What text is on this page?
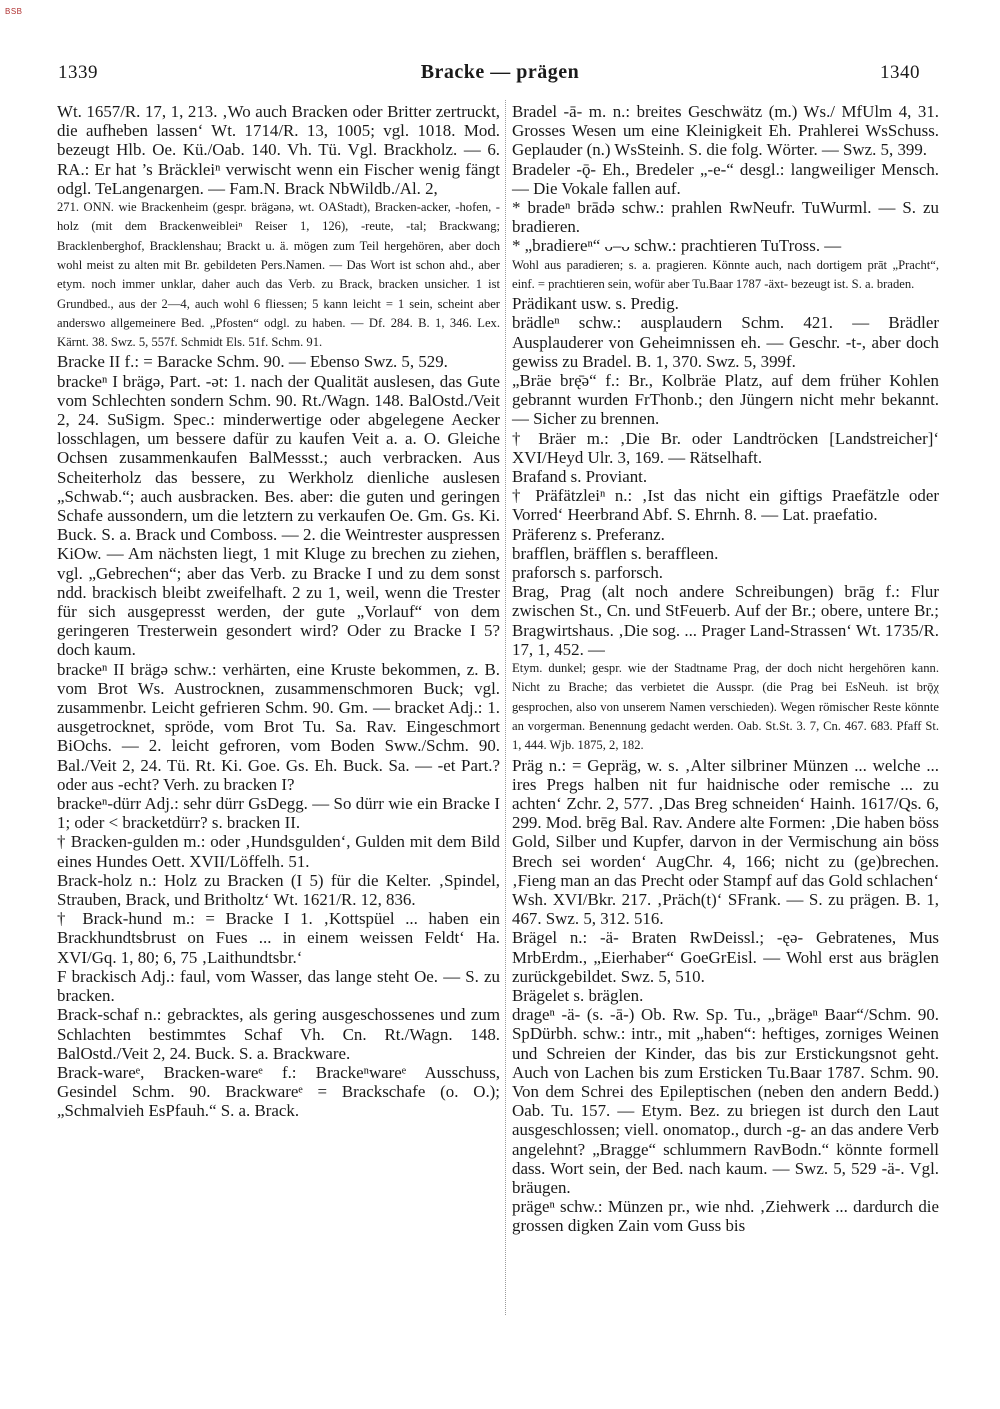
BSB
1339	Bracke — prägen	1340

Wt. 1657/R. 17, 1, 213. ‚Wo auch Bracken oder Britter zertruckt, die aufheben lassen‘ Wt. 1714/R. 13, 1005; vgl. 1018. Mod. bezeugt Hlb. Oe. Kü./Oab. 140. Vh. Tü. Vgl. Brackholz. — 6. RA.: Er hat ’s Bräckleiⁿ verwischt wenn ein Fischer wenig fängt odgl. TeLangenargen. — Fam.N. Brack NbWildb./Al. 2,

271. ONN. wie Brackenheim (gespr. brägənə, wt. OAStadt), Bracken-acker, -hofen, -holz (mit dem Brackenweibleiⁿ Reiser 1, 126), -reute, -tal; Brackwang; Bracklenberghof, Bracklenshau; Brackt u. ä. mögen zum Teil hergehören, aber doch wohl meist zu alten mit Br. gebildeten Pers.Namen. — Das Wort ist schon ahd., aber etym. noch immer unklar, daher auch das Verb. zu Brack, bracken unsicher. 1 ist Grundbed., aus der 2—4, auch wohl 6 fliessen; 5 kann leicht = 1 sein, scheint aber anderswo allgemeinere Bed. „Pfosten“ odgl. zu haben. — Df. 284. B. 1, 346. Lex. Kärnt. 38. Swz. 5, 557f. Schmidt Els. 51f. Schm. 91.

Bracke II f.: = Baracke Schm. 90. — Ebenso Swz. 5, 529.

brackeⁿ I brägə, Part. -ət: 1. nach der Qualität auslesen, das Gute vom Schlechten sondern Schm. 90. Rt./Wagn. 148. BalOstd./Veit 2, 24. SuSigm. Spec.: minderwertige oder abgelegene Aecker losschlagen, um bessere dafür zu kaufen Veit a. a. O. Gleiche Ochsen zusammenkaufen BalMessst.; auch verbracken. Aus Scheiterholz das bessere, zu Werkholz dienliche auslesen „Schwab.“; auch ausbracken. Bes. aber: die guten und geringen Schafe aussondern, um die letztern zu verkaufen Oe. Gm. Gs. Ki. Buck. S. a. Brack und Comboss. — 2. die Weintrester auspressen KiOw. — Am nächsten liegt, 1 mit Kluge zu brechen zu ziehen, vgl. „Gebrechen“; aber das Verb. zu Bracke I und zu dem sonst ndd. brackisch bleibt zweifelhaft. 2 zu 1, weil, wenn die Trester für sich ausgepresst werden, der gute „Vorlauf“ von dem geringeren Tresterwein gesondert wird? Oder zu Bracke I 5? doch kaum.

brackeⁿ II brägə schw.: verhärten, eine Kruste bekommen, z. B. vom Brot Ws. Austrocknen, zusammenschmoren Buck; vgl. zusammenbr. Leicht gefrieren Schm. 90. Gm. — bracket Adj.: 1. ausgetrocknet, spröde, vom Brot Tu. Sa. Rav. Eingeschmort BiOchs. — 2. leicht gefroren, vom Boden Sww./Schm. 90. Bal./Veit 2, 24. Tü. Rt. Ki. Goe. Gs. Eh. Buck. Sa. — -et Part.? oder aus -echt? Verh. zu bracken I?

brackeⁿ-dürr Adj.: sehr dürr GsDegg. — So dürr wie ein Bracke I 1; oder < bracketdürr? s. bracken II.

† Bracken-gulden m.: oder ‚Hundsgulden‘, Gulden mit dem Bild eines Hundes Oett. XVII/Löffelh. 51.

Brack-holz n.: Holz zu Bracken (I 5) für die Kelter. ‚Spindel, Strauben, Brack, und Britholtz‘ Wt. 1621/R. 12, 836.

† Brack-hund m.: = Bracke I 1. ‚Kottspüel ... haben ein Brackhundtsbrust on Fues ... in einem weissen Feldt‘ Ha. XVI/Gq. 1, 80; 6, 75 ‚Laithundtsbr.‘

F brackisch Adj.: faul, vom Wasser, das lange steht Oe. — S. zu bracken.

Brack-schaf n.: gebracktes, als gering ausgeschossenes und zum Schlachten bestimmtes Schaf Vh. Cn. Rt./Wagn. 148. BalOstd./Veit 2, 24. Buck. S. a. Brackware.

Brack-wareᵉ, Bracken-wareᵉ f.: Brackeⁿwareᵉ Ausschuss, Gesindel Schm. 90. Brackwareᵉ = Brackschafe (o. O.); „Schmalvieh EsPfauh.“ S. a. Brack.

Bradel -ā- m. n.: breites Geschwätz (m.) Ws./ MfUlm 4, 31. Grosses Wesen um eine Kleinigkeit Eh. Prahlerei WsSchuss. Geplauder (n.) WsSteinh. S. die folg. Wörter. — Swz. 5, 399.

Bradeler -ǭ- Eh., Bredeler „-e-“ desgl.: langweiliger Mensch. — Die Vokale fallen auf.

* bradeⁿ brādə schw.: prahlen RwNeufr. TuWurml. — S. zu bradieren.

* „bradiereⁿ“ ᴗ‒ᴗ schw.: prachtieren TuTross. —

Wohl aus paradieren; s. a. pragieren. Könnte auch, nach dortigem prāt „Pracht“, einf. = prachtieren sein, wofür aber Tu.Baar 1787 -äxt- bezeugt ist. S. a. braden.

Prädikant usw. s. Predig.

brädleⁿ schw.: ausplaudern Schm. 421. — Brädler Ausplauderer von Geheimnissen eh. — Geschr. -t-, aber doch gewiss zu Bradel. B. 1, 370. Swz. 5, 399f.

„Bräe brę̄ə“ f.: Br., Kolbräe Platz, auf dem früher Kohlen gebrannt wurden FrThonb.; den Jüngern nicht mehr bekannt. — Sicher zu brennen.

† Bräer m.: ‚Die Br. oder Landtröcken [Landstreicher]‘ XVI/Heyd Ulr. 3, 169. — Rätselhaft.

Brafand s. Proviant.

† Präfätzleiⁿ n.: ‚Ist das nicht ein giftigs Praefätzle oder Vorred‘ Heerbrand Abf. S. Ehrnh. 8. — Lat. praefatio.

Präferenz s. Preferanz.

brafflen, bräfflen s. beraffleen.

praforsch s. parforsch.

Brag, Prag (alt noch andere Schreibungen) brāg f.: Flur zwischen St., Cn. und StFeuerb. Auf der Br.; obere, untere Br.; Bragwirtshaus. ‚Die sog. ... Prager Land-Strassen‘ Wt. 1735/R. 17, 1, 452. —

Etym. dunkel; gespr. wie der Stadtname Prag, der doch nicht hergehören kann. Nicht zu Brache; das verbietet die Ausspr. (die Prag bei EsNeuh. ist brǭχ gesprochen, also von unserem Namen verschieden). Wegen römischer Reste könnte an vorgerman. Benennung gedacht werden. Oab. St.St. 3. 7, Cn. 467. 683. Pfaff St. 1, 444. Wjb. 1875, 2, 182.

Präg n.: = Gepräg, w. s. ‚Alter silbriner Münzen ... welche ... ires Pregs halben nit fur haidnische oder remische ... zu achten‘ Zchr. 2, 577. ‚Das Breg schneiden‘ Hainh. 1617/Qs. 6, 299. Mod. brēg Bal. Rav. Andere alte Formen: ‚Die haben böss Gold, Silber und Kupfer, darvon in der Vermischung ain böss Brech sei worden‘ AugChr. 4, 166; nicht zu (ge)brechen. ‚Fieng man an das Precht oder Stampf auf das Gold schlachen‘ Wsh. XVI/Bkr. 217. ‚Präch(t)‘ SFrank. — S. zu prägen. B. 1, 467. Swz. 5, 312. 516.

Brägel n.: -ä- Braten RwDeissl.; -ęə- Gebratenes, Mus MrbErdm., „Eierhaber“ GoeGrEisl. — Wohl erst aus bräglen zurückgebildet. Swz. 5, 510.

Brägelet s. bräglen.

drageⁿ -ä- (s. -ā-) Ob. Rw. Sp. Tu., „brägeⁿ Baar“/Schm. 90. SpDürbh. schw.: intr., mit „haben“: heftiges, zorniges Weinen und Schreien der Kinder, das bis zur Erstickungsnot geht. Auch von Lachen bis zum Ersticken Tu.Baar 1787. Schm. 90. Von dem Schrei des Epileptischen (neben den andern Bedd.) Oab. Tu. 157. — Etym. Bez. zu briegen ist durch den Laut ausgeschlossen; viell. onomatop., durch -g- an das andere Verb angelehnt? „Bragge“ schlummern RavBodn.“ könnte formell dass. Wort sein, der Bed. nach kaum. — Swz. 5, 529 -ä-. Vgl. bräugen.

prägeⁿ schw.: Münzen pr., wie nhd. ‚Ziehwerk ... dardurch die grossen digken Zain vom Guss bis
